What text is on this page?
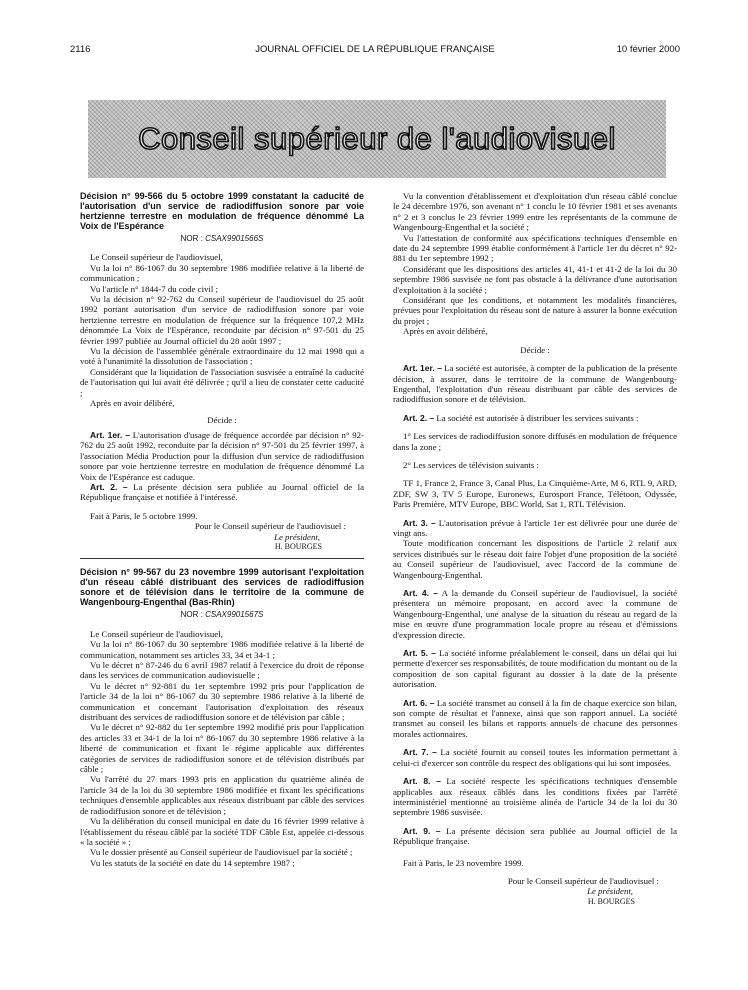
2116	JOURNAL OFFICIEL DE LA RÉPUBLIQUE FRANÇAISE	10 février 2000
Conseil supérieur de l'audiovisuel

Décision n° 99-566 du 5 octobre 1999 constatant la caducité de l'autorisation d'un service de radiodiffusion sonore par voie hertzienne terrestre en modulation de fréquence dénommé La Voix de l'Espérance

NOR : CSAX9901566S

Le Conseil supérieur de l'audiovisuel,

Vu la loi n° 86-1067 du 30 septembre 1986 modifiée relative à la liberté de communication ;

Vu l'article n° 1844-7 du code civil ;

Vu la décision n° 92-762 du Conseil supérieur de l'audiovisuel du 25 août 1992 portant autorisation d'un service de radiodiffusion sonore par voie hertzienne terrestre en modulation de fréquence sur la fréquence 107,2 MHz dénommée La Voix de l'Espérance, reconduite par décision n° 97-501 du 25 février 1997 publiée au Journal officiel du 28 août 1997 ;

Vu la décision de l'assemblée générale extraordinaire du 12 mai 1998 qui a voté à l'unanimité la dissolution de l'association ;

Considérant que la liquidation de l'association susvisée a entraîné la caducité de l'autorisation qui lui avait été délivrée ; qu'il a lieu de constater cette caducité ;

Après en avoir délibéré,

Décide :

Art. 1er. – L'autorisation d'usage de fréquence accordée par décision n° 92-762 du 25 août 1992, reconduite par la décision n° 97-501 du 25 février 1997, à l'association Média Production pour la diffusion d'un service de radiodiffusion sonore par voie hertzienne terrestre en modulation de fréquence dénommé La Voix de l'Espérance est caduque.

Art. 2. – La présente décision sera publiée au Journal officiel de la République française et notifiée à l'intéressé.

Fait à Paris, le 5 octobre 1999.

Pour le Conseil supérieur de l'audiovisuel :

Le président,

H. BOURGES

Décision n° 99-567 du 23 novembre 1999 autorisant l'exploitation d'un réseau câblé distribuant des services de radiodiffusion sonore et de télévision dans le territoire de la commune de Wangenbourg-Engenthal (Bas-Rhin)

NOR : CSAX9901567S

Le Conseil supérieur de l'audiovisuel,

Vu la loi n° 86-1067 du 30 septembre 1986 modifiée relative à la liberté de communication, notamment ses articles 33, 34 et 34-1 ;

Vu le décret n° 87-246 du 6 avril 1987 relatif à l'exercice du droit de réponse dans les services de communication audiovisuelle ;

Vu le décret n° 92-881 du 1er septembre 1992 pris pour l'application de l'article 34 de la loi n° 86-1067 du 30 septembre 1986 relative à la liberté de communication et concernant l'autorisation d'exploitation des réseaux distribuant des services de radiodiffusion sonore et de télévision par câble ;

Vu le décret n° 92-882 du 1er septembre 1992 modifié pris pour l'application des articles 33 et 34-1 de la loi n° 86-1067 du 30 septembre 1986 relative à la liberté de communication et fixant le régime applicable aux différentes catégories de services de radiodiffusion sonore et de télévision distribués par câble ;

Vu l'arrêté du 27 mars 1993 pris en application du quatrième alinéa de l'article 34 de la loi du 30 septembre 1986 modifiée et fixant les spécifications techniques d'ensemble applicables aux réseaux distribuant par câble des services de radiodiffusion sonore et de télévision ;

Vu la délibération du conseil municipal en date du 16 février 1999 relative à l'établissement du réseau câblé par la société TDF Câble Est, appelée ci-dessous « la société » ;

Vu le dossier présenté au Conseil supérieur de l'audiovisuel par la société ;

Vu les statuts de la société en date du 14 septembre 1987 ;

Vu la convention d'établissement et d'exploitation d'un réseau câblé conclue le 24 décembre 1976, son avenant n° 1 conclu le 10 février 1981 et ses avenants n° 2 et 3 conclus le 23 février 1999 entre les représentants de la commune de Wangenbourg-Engenthal et la société ;

Vu l'attestation de conformité aux spécifications techniques d'ensemble en date du 24 septembre 1999 établie conformément à l'article 1er du décret n° 92-881 du 1er septembre 1992 ;

Considérant que les dispositions des articles 41, 41-1 et 41-2 de la loi du 30 septembre 1986 susvisée ne font pas obstacle à la délivrance d'une autorisation d'exploitation à la société ;

Considérant que les conditions, et notamment les modalités financières, prévues pour l'exploitation du réseau sont de nature à assurer la bonne exécution du projet ;

Après en avoir délibéré,

Décide :

Art. 1er. – La société est autorisée, à compter de la publication de la présente décision, à assurer, dans le territoire de la commune de Wangenbourg-Engenthal, l'exploitation d'un réseau distribuant par câble des services de radiodiffusion sonore et de télévision.

Art. 2. – La société est autorisée à distribuer les services suivants :

1° Les services de radiodiffusion sonore diffusés en modulation de fréquence dans la zone ;

2° Les services de télévision suivants :

TF 1, France 2, France 3, Canal Plus, La Cinquième-Arte, M 6, RTL 9, ARD, ZDF, SW 3, TV 5 Europe, Euronews, Eurosport France, Télétoon, Odyssée, Paris Première, MTV Europe, BBC World, Sat 1, RTL Télévision.

Art. 3. – L'autorisation prévue à l'article 1er est délivrée pour une durée de vingt ans.

Toute modification concernant les dispositions de l'article 2 relatif aux services distribués sur le réseau doit faire l'objet d'une proposition de la société au Conseil supérieur de l'audiovisuel, avec l'accord de la commune de Wangenbourg-Engenthal.

Art. 4. – A la demande du Conseil supérieur de l'audiovisuel, la société présentera un mémoire proposant, en accord avec la commune de Wangenbourg-Engenthal, une analyse de la situation du réseau au regard de la mise en œuvre d'une programmation locale propre au réseau et d'émissions d'expression directe.

Art. 5. – La société informe préalablement le conseil, dans un délai qui lui permette d'exercer ses responsabilités, de toute modification du montant ou de la composition de son capital figurant au dossier à la date de la présente autorisation.

Art. 6. – La société transmet au conseil à la fin de chaque exercice son bilan, son compte de résultat et l'annexe, ainsi que son rapport annuel. La société transmet au conseil les bilans et rapports annuels de chacune des personnes morales actionnaires.

Art. 7. – La société fournit au conseil toutes les information permettant à celui-ci d'exercer son contrôle du respect des obligations qui lui sont imposées.

Art. 8. – La société respecte les spécifications techniques d'ensemble applicables aux réseaux câblés dans les conditions fixées par l'arrêté interministériel mentionné au troisième alinéa de l'article 34 de la loi du 30 septembre 1986 susvisée.

Art. 9. – La présente décision sera publiée au Journal officiel de la République française.

Fait à Paris, le 23 novembre 1999.

Pour le Conseil supérieur de l'audiovisuel :

Le président,

H. BOURGES
